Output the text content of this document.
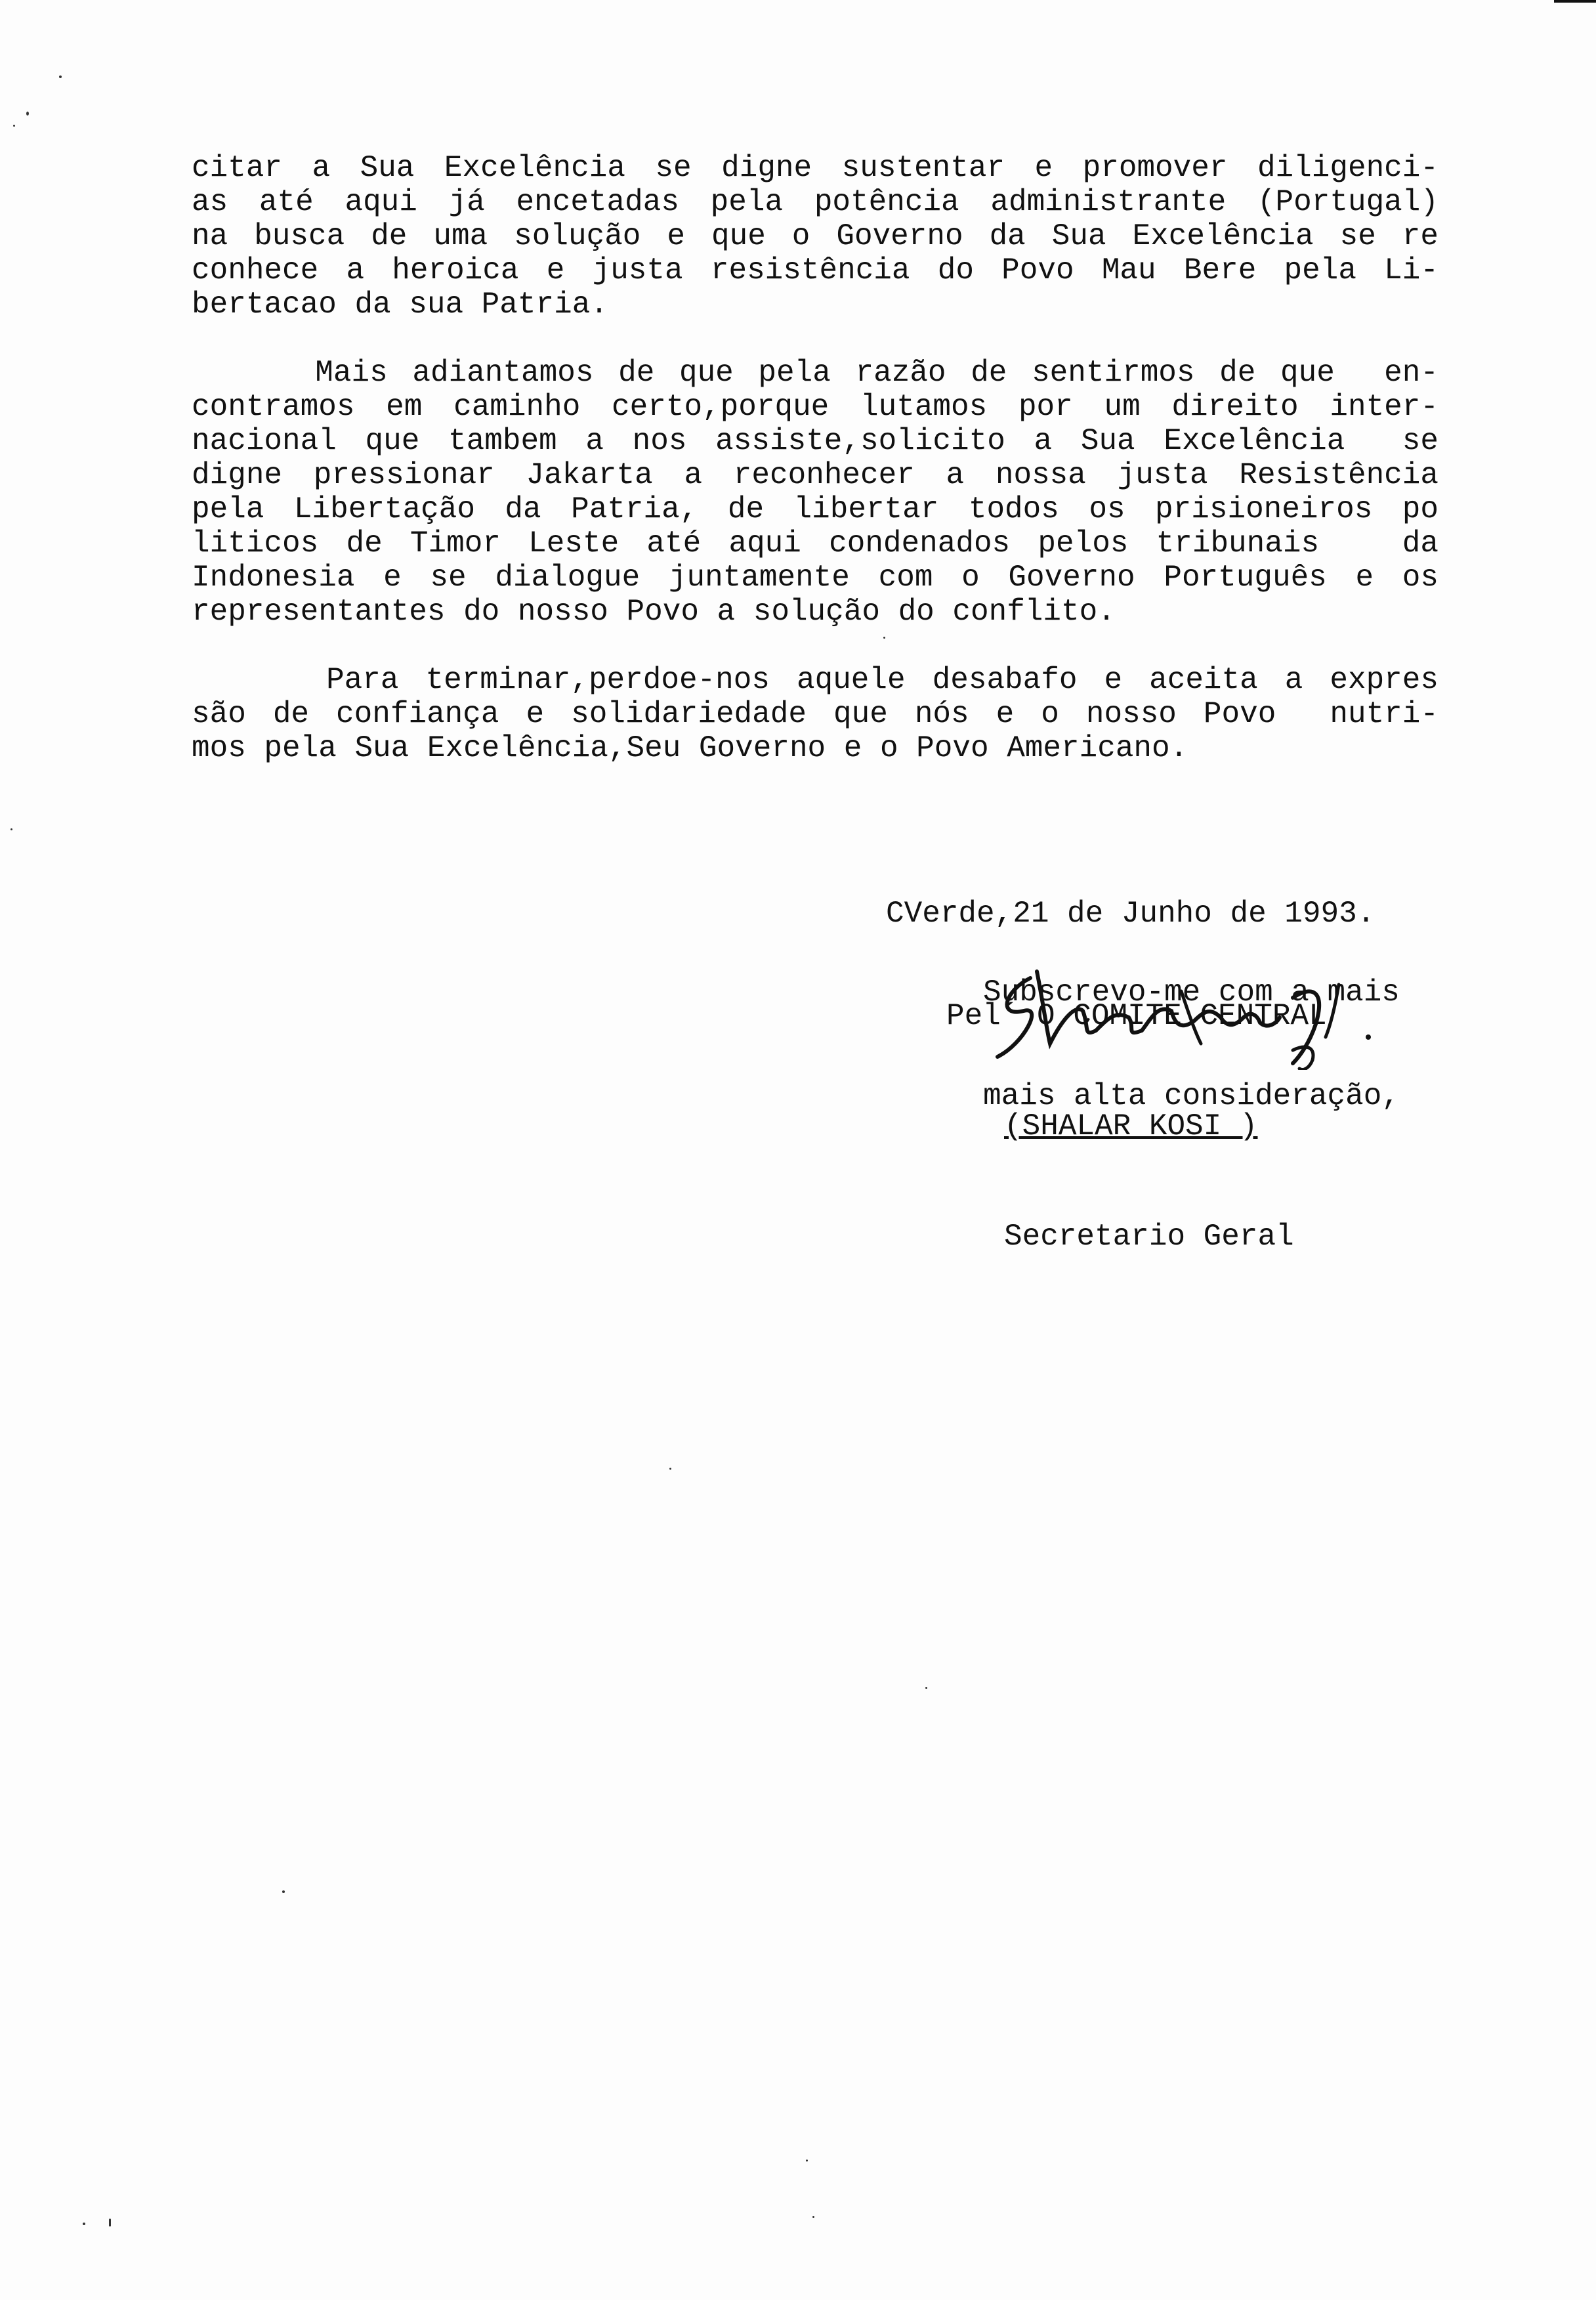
citar a Sua Excelência se digne sustentar e promover diligenci-
as até aqui já encetadas pela potência administrante (Portugal)
na busca de uma solução e que o Governo da Sua Excelência se re
conhece a heroica e justa resistência do Povo Mau Bere pela Li-
bertacao da sua Patria.
Mais adiantamos de que pela razão de sentirmos de que  en-
contramos em caminho certo,porque lutamos por um direito inter-
nacional que tambem a nos assiste,solicito a Sua Excelência  se
digne pressionar Jakarta a reconhecer a nossa justa Resistência
pela Libertação da Patria, de libertar todos os prisioneiros po
liticos de Timor Leste até aqui condenados pelos tribunais   da
Indonesia e se dialogue juntamente com o Governo Português e os
representantes do nosso Povo a solução do conflito.
Para terminar,perdoe-nos aquele desabafo e aceita a expres
são de confiança e solidariedade que nós e o nosso Povo  nutri-
mos pela Sua Excelência,Seu Governo e o Povo Americano.

CVerde,21 de Junho de 1993.

Pel´ O COMITE CENTRAL

Subscrevo-me com a mais

mais alta consideração,

(SHALAR KOSI )

Secretario Geral
